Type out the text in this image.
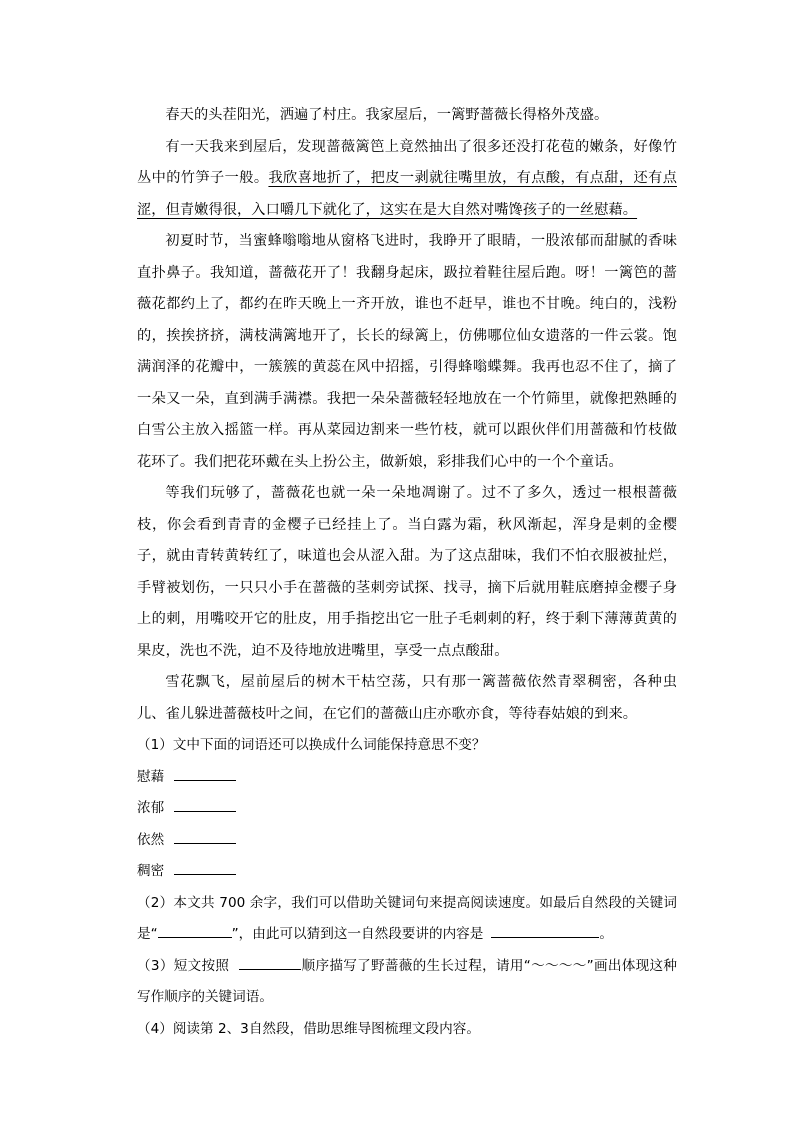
春天的头茬阳光，洒遍了村庄。我家屋后，一篱野蔷薇长得格外茂盛。

有一天我来到屋后，发现蔷薇篱笆上竟然抽出了很多还没打花苞的嫩条，好像竹丛中的竹笋子一般。我欣喜地折了，把皮一剥就往嘴里放，有点酸，有点甜，还有点涩，但青嫩得很，入口嚼几下就化了，这实在是大自然对嘴馋孩子的一丝慰藉。

初夏时节，当蜜蜂嗡嗡地从窗格飞进时，我睁开了眼睛，一股浓郁而甜腻的香味直扑鼻子。我知道，蔷薇花开了！我翻身起床，趿拉着鞋往屋后跑。呀！一篱笆的蔷薇花都约上了，都约在昨天晚上一齐开放，谁也不赶早，谁也不甘晚。纯白的，浅粉的，挨挨挤挤，满枝满篱地开了，长长的绿篱上，仿佛哪位仙女遗落的一件云裳。饱满润泽的花瓣中，一簇簇的黄蕊在风中招摇，引得蜂嗡蝶舞。我再也忍不住了，摘了一朵又一朵，直到满手满襟。我把一朵朵蔷薇轻轻地放在一个竹筛里，就像把熟睡的白雪公主放入摇篮一样。再从菜园边割来一些竹枝，就可以跟伙伴们用蔷薇和竹枝做花环了。我们把花环戴在头上扮公主，做新娘，彩排我们心中的一个个童话。

等我们玩够了，蔷薇花也就一朵一朵地凋谢了。过不了多久，透过一根根蔷薇枝，你会看到青青的金樱子已经挂上了。当白露为霜，秋风渐起，浑身是刺的金樱子，就由青转黄转红了，味道也会从涩入甜。为了这点甜味，我们不怕衣服被扯烂，手臂被划伤，一只只小手在蔷薇的茎刺旁试探、找寻，摘下后就用鞋底磨掉金樱子身上的刺，用嘴咬开它的肚皮，用手指挖出它一肚子毛刺刺的籽，终于剩下薄薄黄黄的果皮，洗也不洗，迫不及待地放进嘴里，享受一点点酸甜。

雪花飘飞，屋前屋后的树木干枯空荡，只有那一篱蔷薇依然青翠稠密，各种虫儿、雀儿躲进蔷薇枝叶之间，在它们的蔷薇山庄亦歌亦食，等待春姑娘的到来。

（1）文中下面的词语还可以换成什么词能保持意思不变？

慰藉

浓郁

依然

稠密

（2）本文共 700 余字，我们可以借助关键词句来提高阅读速度。如最后自然段的关键词是“	”，由此可以猜到这一自然段要讲的内容是	。

（3）短文按照	顺序描写了野蔷薇的生长过程，请用“～～～～”画出体现这种写作顺序的关键词语。

（4）阅读第 2、3自然段，借助思维导图梳理文段内容。
